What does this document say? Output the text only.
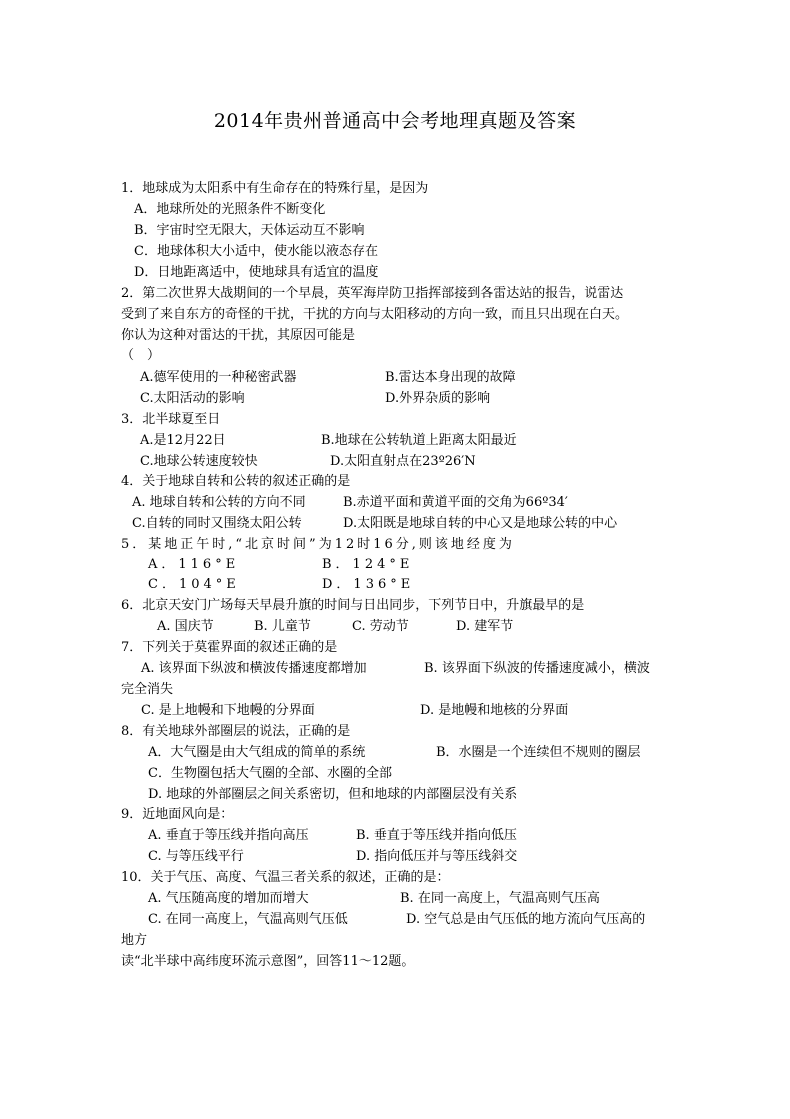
2014年贵州普通高中会考地理真题及答案
1．地球成为太阳系中有生命存在的特殊行星，是因为
A．地球所处的光照条件不断变化
B．宇宙时空无限大，天体运动互不影响
C．地球体积大小适中，使水能以液态存在
D．日地距离适中，使地球具有适宜的温度
2．第二次世界大战期间的一个早晨，英军海岸防卫指挥部接到各雷达站的报告，说雷达
受到了来自东方的奇怪的干扰，干扰的方向与太阳移动的方向一致，而且只出现在白天。
你认为这种对雷达的干扰，其原因可能是
（　）
A.德军使用的一种秘密武器	B.雷达本身出现的故障
C.太阳活动的影响	D.外界杂质的影响
3．北半球夏至日
A.是12月22日	B.地球在公转轨道上距离太阳最近
C.地球公转速度较快	D.太阳直射点在23º26′N
4．关于地球自转和公转的叙述正确的是
A. 地球自转和公转的方向不同	B.赤道平面和黄道平面的交角为66º34′
C.自转的同时又围绕太阳公转	D.太阳既是地球自转的中心又是地球公转的中心
5．某地正午时,“北京时间”为12时16分,则该地经度为
A．116°E	B．124°E
C．104°E	D．136°E
6．北京天安门广场每天早晨升旗的时间与日出同步，下列节日中，升旗最早的是
A. 国庆节	B. 儿童节	C. 劳动节	D. 建军节
7．下列关于莫霍界面的叙述正确的是
A. 该界面下纵波和横波传播速度都增加	B. 该界面下纵波的传播速度减小，横波
完全消失
C. 是上地幔和下地幔的分界面	D. 是地幔和地核的分界面
8．有关地球外部圈层的说法，正确的是
A．大气圈是由大气组成的简单的系统	B．水圈是一个连续但不规则的圈层
C．生物圈包括大气圈的全部、水圈的全部
D. 地球的外部圈层之间关系密切，但和地球的内部圈层没有关系
9．近地面风向是：
A. 垂直于等压线并指向高压	B. 垂直于等压线并指向低压
C. 与等压线平行	D. 指向低压并与等压线斜交
10．关于气压、高度、气温三者关系的叙述，正确的是：
A. 气压随高度的增加而增大	B. 在同一高度上，气温高则气压高
C. 在同一高度上，气温高则气压低	D. 空气总是由气压低的地方流向气压高的
地方
读“北半球中高纬度环流示意图”，回答11～12题。
